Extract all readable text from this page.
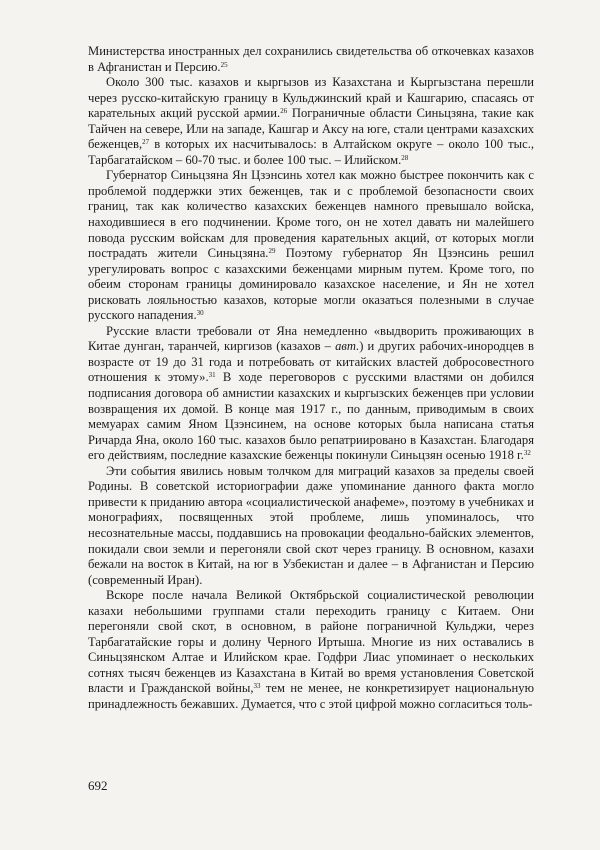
Министерства иностранных дел сохранились свидетельства об откочевках казахов в Афганистан и Персию.$^{25}$

Около 300 тыс. казахов и кыргызов из Казахстана и Кыргызстана перешли через русско-китайскую границу в Кульджинский край и Кашгарию, спасаясь от карательных акций русской армии.$^{26}$ Пограничные области Синьцзяна, такие как Тайчен на севере, Или на западе, Кашгар и Аксу на юге, стали центрами казахских беженцев,$^{27}$ в которых их насчитывалось: в Алтайском округе – около 100 тыс., Тарбагатайском – 60-70 тыс. и более 100 тыс. – Илийском.$^{28}$

Губернатор Синьцзяна Ян Цзэнсинь хотел как можно быстрее покончить как с проблемой поддержки этих беженцев, так и с проблемой безопасности своих границ, так как количество казахских беженцев намного превышало войска, находившиеся в его подчинении. Кроме того, он не хотел давать ни малейшего повода русским войскам для проведения карательных акций, от которых могли пострадать жители Синьцзяна.$^{29}$ Поэтому губернатор Ян Цзэнсинь решил урегулировать вопрос с казахскими беженцами мирным путем. Кроме того, по обеим сторонам границы доминировало казахское население, и Ян не хотел рисковать лояльностью казахов, которые могли оказаться полезными в случае русского нападения.$^{30}$

Русские власти требовали от Яна немедленно «выдворить проживающих в Китае дунган, таранчей, киргизов (казахов – авт.) и других рабочих-инородцев в возрасте от 19 до 31 года и потребовать от китайских властей добросовестного отношения к этому».$^{31}$ В ходе переговоров с русскими властями он добился подписания договора об амнистии казахских и кыргызских беженцев при условии возвращения их домой. В конце мая 1917 г., по данным, приводимым в своих мемуарах самим Яном Цзэнсинем, на основе которых была написана статья Ричарда Яна, около 160 тыс. казахов было репатриировано в Казахстан. Благодаря его действиям, последние казахские беженцы покинули Синьцзян осенью 1918 г.$^{32}$

Эти события явились новым толчком для миграций казахов за пределы своей Родины. В советской историографии даже упоминание данного факта могло привести к приданию автора «социалистической анафеме», поэтому в учебниках и монографиях, посвященных этой проблеме, лишь упоминалось, что несознательные массы, поддавшись на провокации феодально-байских элементов, покидали свои земли и перегоняли свой скот через границу. В основном, казахи бежали на восток в Китай, на юг в Узбекистан и далее – в Афганистан и Персию (современный Иран).

Вскоре после начала Великой Октябрьской социалистической революции казахи небольшими группами стали переходить границу с Китаем. Они перегоняли свой скот, в основном, в районе пограничной Кульджи, через Тарбагатайские горы и долину Черного Иртыша. Многие из них оставались в Синьцзянском Алтае и Илийском крае. Годфри Лиас упоминает о нескольких сотнях тысяч беженцев из Казахстана в Китай во время установления Советской власти и Гражданской войны,$^{33}$ тем не менее, не конкретизирует национальную принадлежность бежавших. Думается, что с этой цифрой можно согласиться толь-

692
